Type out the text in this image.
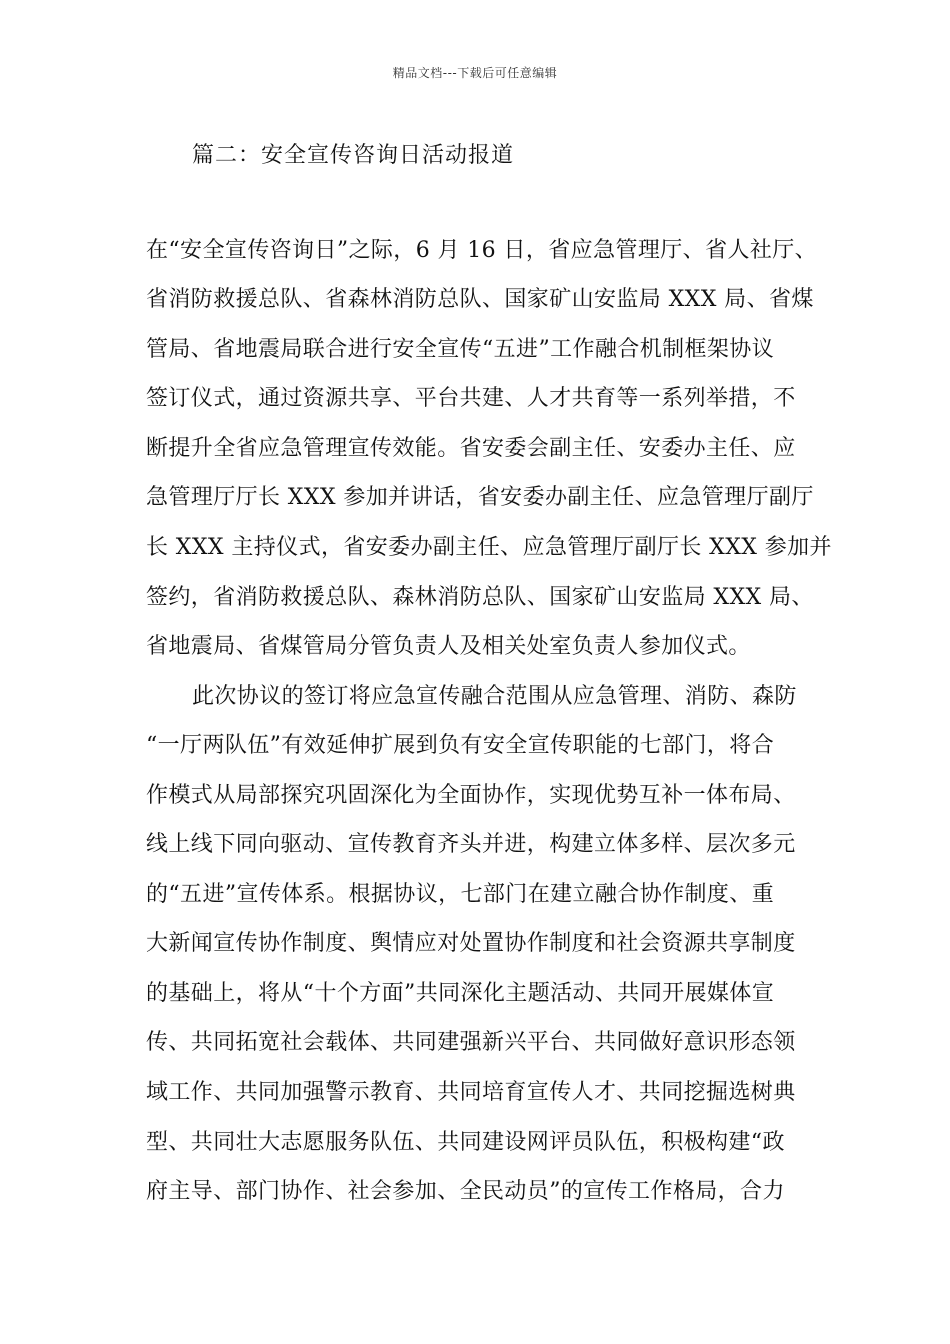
精品文档---下载后可任意编辑
篇二：安全宣传咨询日活动报道
在“安全宣传咨询日”之际，6 月 16 日，省应急管理厅、省人社厅、
省消防救援总队、省森林消防总队、国家矿山安监局 XXX 局、省煤
管局、省地震局联合进行安全宣传“五进”工作融合机制框架协议
签订仪式，通过资源共享、平台共建、人才共育等一系列举措，不
断提升全省应急管理宣传效能。省安委会副主任、安委办主任、应
急管理厅厅长 XXX 参加并讲话，省安委办副主任、应急管理厅副厅
长 XXX 主持仪式，省安委办副主任、应急管理厅副厅长 XXX 参加并
签约，省消防救援总队、森林消防总队、国家矿山安监局 XXX 局、
省地震局、省煤管局分管负责人及相关处室负责人参加仪式。
此次协议的签订将应急宣传融合范围从应急管理、消防、森防
“一厅两队伍”有效延伸扩展到负有安全宣传职能的七部门，将合
作模式从局部探究巩固深化为全面协作，实现优势互补一体布局、
线上线下同向驱动、宣传教育齐头并进，构建立体多样、层次多元
的“五进”宣传体系。根据协议，七部门在建立融合协作制度、重
大新闻宣传协作制度、舆情应对处置协作制度和社会资源共享制度
的基础上，将从“十个方面”共同深化主题活动、共同开展媒体宣
传、共同拓宽社会载体、共同建强新兴平台、共同做好意识形态领
域工作、共同加强警示教育、共同培育宣传人才、共同挖掘选树典
型、共同壮大志愿服务队伍、共同建设网评员队伍，积极构建“政
府主导、部门协作、社会参加、全民动员”的宣传工作格局，合力
